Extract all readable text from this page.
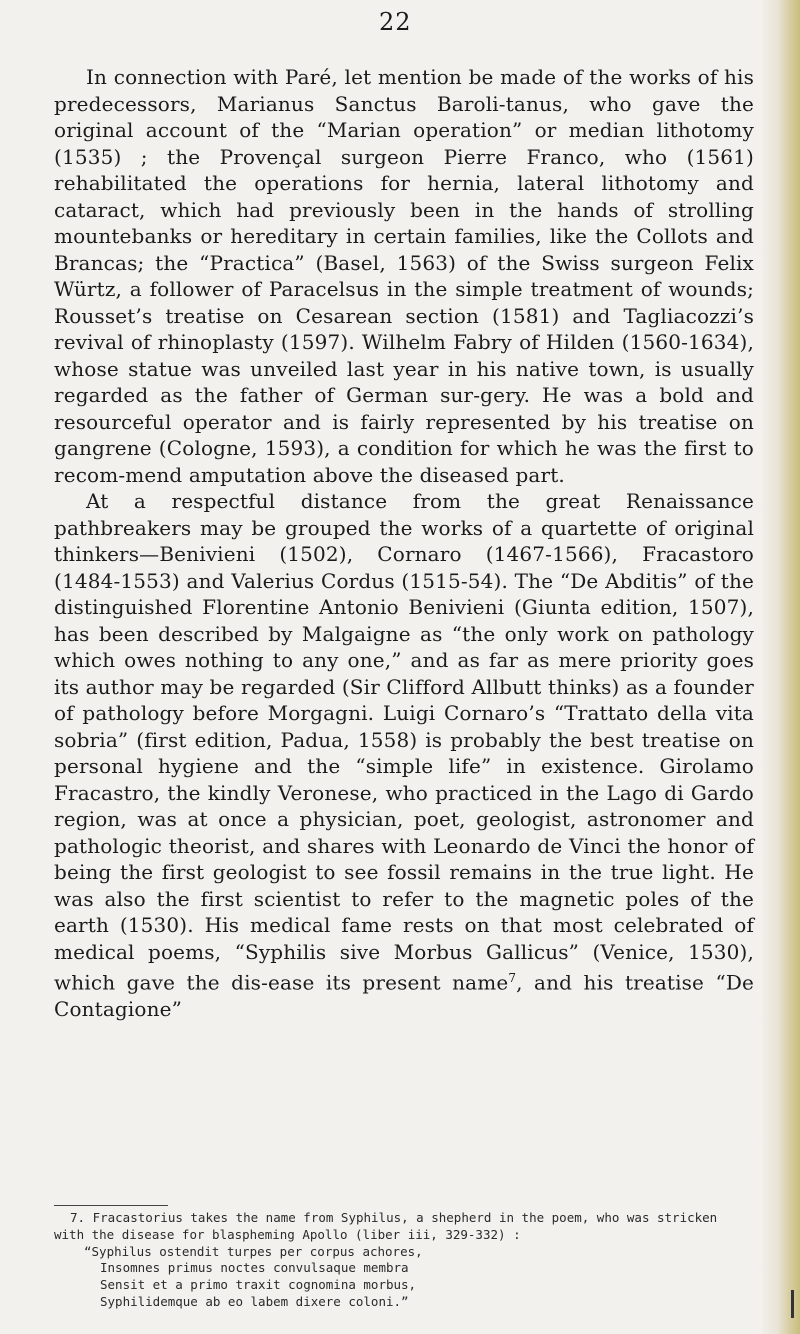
22

In connection with Paré, let mention be made of the works of his predecessors, Marianus Sanctus Baroli-tanus, who gave the original account of the “Marian operation” or median lithotomy (1535) ; the Provençal surgeon Pierre Franco, who (1561) rehabilitated the operations for hernia, lateral lithotomy and cataract, which had previously been in the hands of strolling mountebanks or hereditary in certain families, like the Collots and Brancas; the “Practica” (Basel, 1563) of the Swiss surgeon Felix Würtz, a follower of Paracelsus in the simple treatment of wounds; Rousset’s treatise on Cesarean section (1581) and Tagliacozzi’s revival of rhinoplasty (1597). Wilhelm Fabry of Hilden (1560-1634), whose statue was unveiled last year in his native town, is usually regarded as the father of German sur-gery. He was a bold and resourceful operator and is fairly represented by his treatise on gangrene (Cologne, 1593), a condition for which he was the first to recom-mend amputation above the diseased part.

At a respectful distance from the great Renaissance pathbreakers may be grouped the works of a quartette of original thinkers—Benivieni (1502), Cornaro (1467-1566), Fracastoro (1484-1553) and Valerius Cordus (1515-54). The “De Abditis” of the distinguished Florentine Antonio Benivieni (Giunta edition, 1507), has been described by Malgaigne as “the only work on pathology which owes nothing to any one,” and as far as mere priority goes its author may be regarded (Sir Clifford Allbutt thinks) as a founder of pathology before Morgagni. Luigi Cornaro’s “Trattato della vita sobria” (first edition, Padua, 1558) is probably the best treatise on personal hygiene and the “simple life” in existence. Girolamo Fracastro, the kindly Veronese, who practiced in the Lago di Gardo region, was at once a physician, poet, geologist, astronomer and pathologic theorist, and shares with Leonardo de Vinci the honor of being the first geologist to see fossil remains in the true light. He was also the first scientist to refer to the magnetic poles of the earth (1530). His medical fame rests on that most celebrated of medical poems, “Syphilis sive Morbus Gallicus” (Venice, 1530), which gave the dis-ease its present name$^7$, and his treatise “De Contagione”

7. Fracastorius takes the name from Syphilus, a shepherd in the poem, who was stricken with the disease for blaspheming Apollo (liber iii, 329-332) :

“Syphilus ostendit turpes per corpus achores,
Insomnes primus noctes convulsaque membra
Sensit et a primo traxit cognomina morbus,
Syphilidemque ab eo labem dixere coloni.”
